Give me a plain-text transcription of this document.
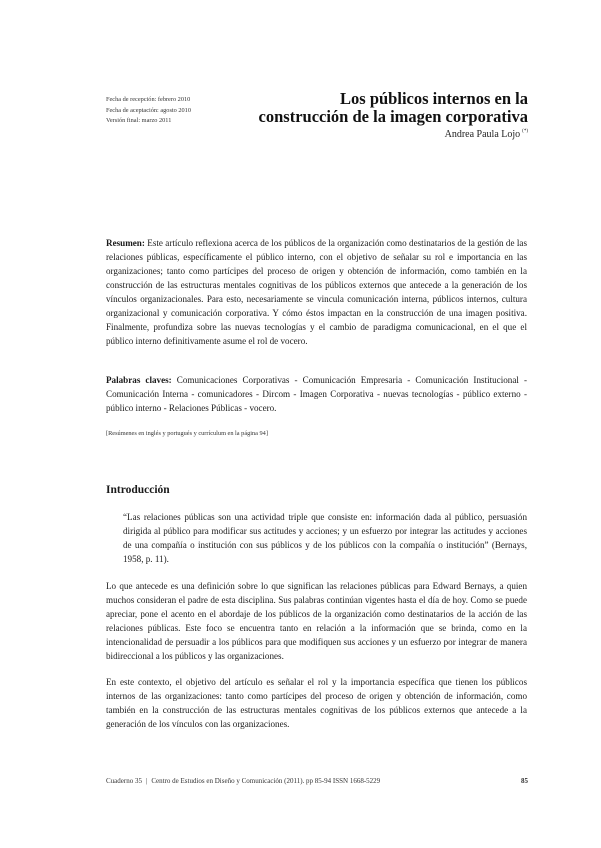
Fecha de recepción: febrero 2010
Fecha de aceptación: agosto 2010
Versión final: marzo 2011
Los públicos internos en la
construcción de la imagen corporativa
Andrea Paula Lojo (*)
Resumen: Este artículo reflexiona acerca de los públicos de la organización como destinatarios de la gestión de las relaciones públicas, específicamente el público interno, con el objetivo de señalar su rol e importancia en las organizaciones; tanto como partícipes del proceso de origen y obtención de información, como también en la construcción de las estructuras mentales cognitivas de los públicos externos que antecede a la generación de los vínculos organizacionales. Para esto, necesariamente se vincula comunicación interna, públicos internos, cultura organizacional y comunicación corporativa. Y cómo éstos impactan en la construcción de una imagen positiva. Finalmente, profundiza sobre las nuevas tecnologías y el cambio de paradigma comunicacional, en el que el público interno definitivamente asume el rol de vocero.
Palabras claves: Comunicaciones Corporativas - Comunicación Empresaria - Comunicación Institucional - Comunicación Interna - comunicadores - Dircom - Imagen Corporativa - nuevas tecnologías - público externo - público interno - Relaciones Públicas - vocero.
[Resúmenes en inglés y portugués y currículum en la página 94]
Introducción
“Las relaciones públicas son una actividad triple que consiste en: información dada al público, persuasión dirigida al público para modificar sus actitudes y acciones; y un esfuerzo por integrar las actitudes y acciones de una compañía o institución con sus públicos y de los públicos con la compañía o institución” (Bernays, 1958, p. 11).
Lo que antecede es una definición sobre lo que significan las relaciones públicas para Edward Bernays, a quien muchos consideran el padre de esta disciplina. Sus palabras continúan vigentes hasta el día de hoy. Como se puede apreciar, pone el acento en el abordaje de los públicos de la organización como destinatarios de la acción de las relaciones públicas. Este foco se encuentra tanto en relación a la información que se brinda, como en la intencionalidad de persuadir a los públicos para que modifiquen sus acciones y un esfuerzo por integrar de manera bidireccional a los públicos y las organizaciones.
En este contexto, el objetivo del artículo es señalar el rol y la importancia específica que tienen los públicos internos de las organizaciones: tanto como partícipes del proceso de origen y obtención de información, como también en la construcción de las estructuras mentales cognitivas de los públicos externos que antecede a la generación de los vínculos con las organizaciones.
Cuaderno 35 | Centro de Estudios en Diseño y Comunicación (2011). pp 85-94 ISSN 1668-5229	85
